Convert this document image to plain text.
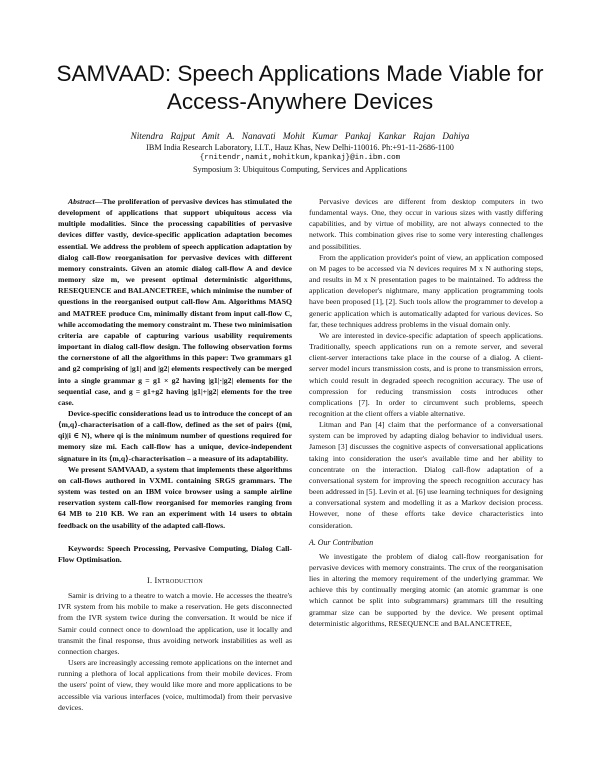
SAMVAAD: Speech Applications Made Viable for
Access-Anywhere Devices
Nitendra Rajput Amit A. Nanavati Mohit Kumar Pankaj Kankar Rajan Dahiya
IBM India Research Laboratory, I.I.T., Hauz Khas, New Delhi-110016. Ph:+91-11-2686-1100
{rnitendr,namit,mohitkum,kpankaj}@in.ibm.com
Symposium 3: Ubiquitous Computing, Services and Applications

Abstract—The proliferation of pervasive devices has stimulated the development of applications that support ubiquitous access via multiple modalities. Since the processing capabilities of pervasive devices differ vastly, device-specific application adaptation becomes essential. We address the problem of speech application adaptation by dialog call-flow reorganisation for pervasive devices with different memory constraints. Given an atomic dialog call-flow A and device memory size m, we present optimal deterministic algorithms, RESEQUENCE and BALANCETREE, which minimise the number of questions in the reorganised output call-flow Am. Algorithms MASQ and MATREE produce Cm, minimally distant from input call-flow C, while accomodating the memory constraint m. These two minimisation criteria are capable of capturing various usability requirements important in dialog call-flow design. The following observation forms the cornerstone of all the algorithms in this paper: Two grammars g1 and g2 comprising of |g1| and |g2| elements respectively can be merged into a single grammar g = g1 × g2 having |g1|·|g2| elements for the sequential case, and g = g1+g2 having |g1|+|g2| elements for the tree case.

Device-specific considerations lead us to introduce the concept of an ⟨m,q⟩-characterisation of a call-flow, defined as the set of pairs {(mi, qi)|i ∈ N}, where qi is the minimum number of questions required for memory size mi. Each call-flow has a unique, device-independent signature in its ⟨m,q⟩-characterisation – a measure of its adaptability.

We present SAMVAAD, a system that implements these algorithms on call-flows authored in VXML containing SRGS grammars. The system was tested on an IBM voice browser using a sample airline reservation system call-flow reorganised for memories ranging from 64 MB to 210 KB. We ran an experiment with 14 users to obtain feedback on the usability of the adapted call-flows.

Keywords: Speech Processing, Pervasive Computing, Dialog Call-Flow Optimisation.

I. Introduction

Samir is driving to a theatre to watch a movie. He accesses the theatre's IVR system from his mobile to make a reservation. He gets disconnected from the IVR system twice during the conversation. It would be nice if Samir could connect once to download the application, use it locally and transmit the final response, thus avoiding network instabilities as well as connection charges.

Users are increasingly accessing remote applications on the internet and running a plethora of local applications from their mobile devices. From the users' point of view, they would like more and more applications to be accessible via various interfaces (voice, multimodal) from their pervasive devices.

Pervasive devices are different from desktop computers in two fundamental ways. One, they occur in various sizes with vastly differing capabilities, and by virtue of mobility, are not always connected to the network. This combination gives rise to some very interesting challenges and possibilities.

From the application provider's point of view, an application composed on M pages to be accessed via N devices requires M x N authoring steps, and results in M x N presentation pages to be maintained. To address the application developer's nightmare, many application programming tools have been proposed [1], [2]. Such tools allow the programmer to develop a generic application which is automatically adapted for various devices. So far, these techniques address problems in the visual domain only.

We are interested in device-specific adaptation of speech applications. Traditionally, speech applications run on a remote server, and several client-server interactions take place in the course of a dialog. A client-server model incurs transmission costs, and is prone to transmission errors, which could result in degraded speech recognition accuracy. The use of compression for reducing transmission costs introduces other complications [7]. In order to circumvent such problems, speech recognition at the client offers a viable alternative.

Litman and Pan [4] claim that the performance of a conversational system can be improved by adapting dialog behavior to individual users. Jameson [3] discusses the cognitive aspects of conversational applications taking into consideration the user's available time and her ability to concentrate on the interaction. Dialog call-flow adaptation of a conversational system for improving the speech recognition accuracy has been addressed in [5]. Levin et al. [6] use learning techniques for designing a conversational system and modelling it as a Markov decision process. However, none of these efforts take device characteristics into consideration.

A. Our Contribution

We investigate the problem of dialog call-flow reorganisation for pervasive devices with memory constraints. The crux of the reorganisation lies in altering the memory requirement of the underlying grammar. We achieve this by continually merging atomic (an atomic grammar is one which cannot be split into subgrammars) grammars till the resulting grammar size can be supported by the device. We present optimal deterministic algorithms, RESEQUENCE and BALANCETREE,
